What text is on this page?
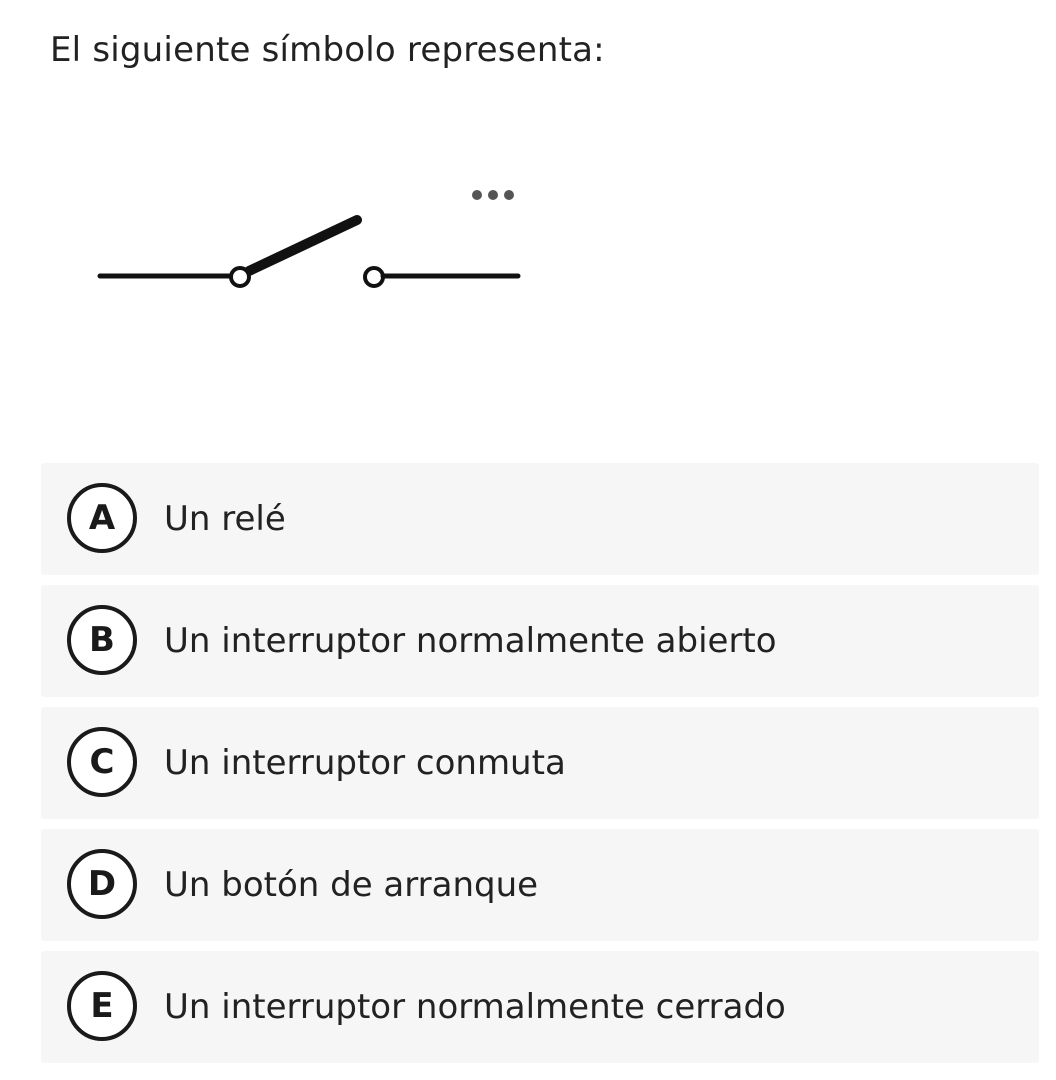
El siguiente símbolo representa:
A	Un relé
B	Un interruptor normalmente abierto
C	Un interruptor conmuta
D	Un botón de arranque
E	Un interruptor normalmente cerrado
